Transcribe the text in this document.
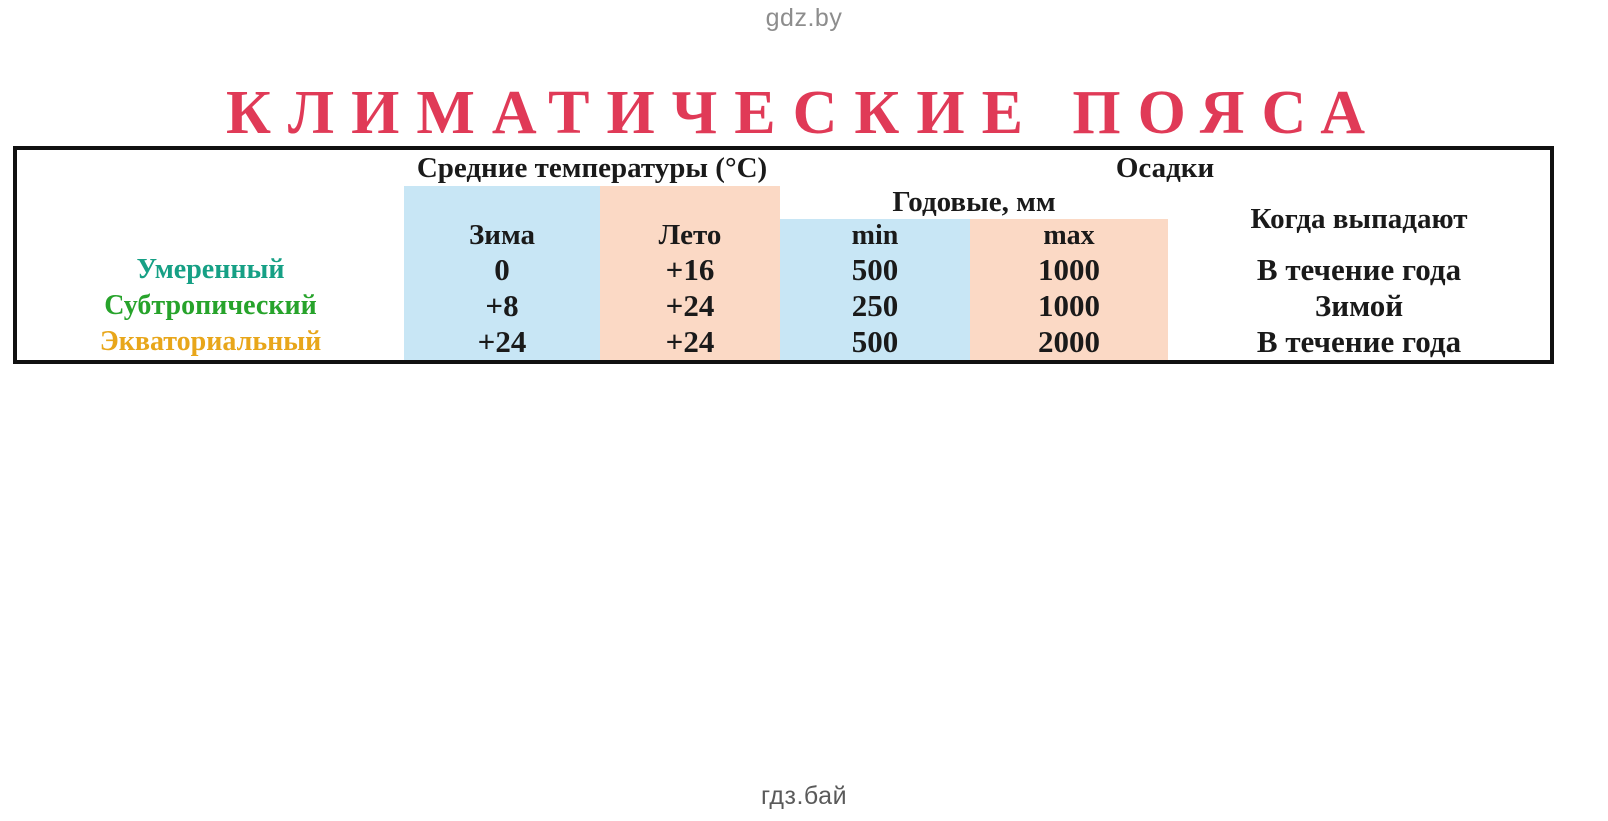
gdz.by
КЛИМАТИЧЕСКИЕ ПОЯСА
	Средние температуры (°C)		Осадки		
			Годовые, мм		Когда выпадают
	Зима	Лето	min	max	
Умеренный	0	+16	500	1000	В течение года
Субтропический	+8	+24	250	1000	Зимой
Экваториальный	+24	+24	500	2000	В течение года
гдз.бай
